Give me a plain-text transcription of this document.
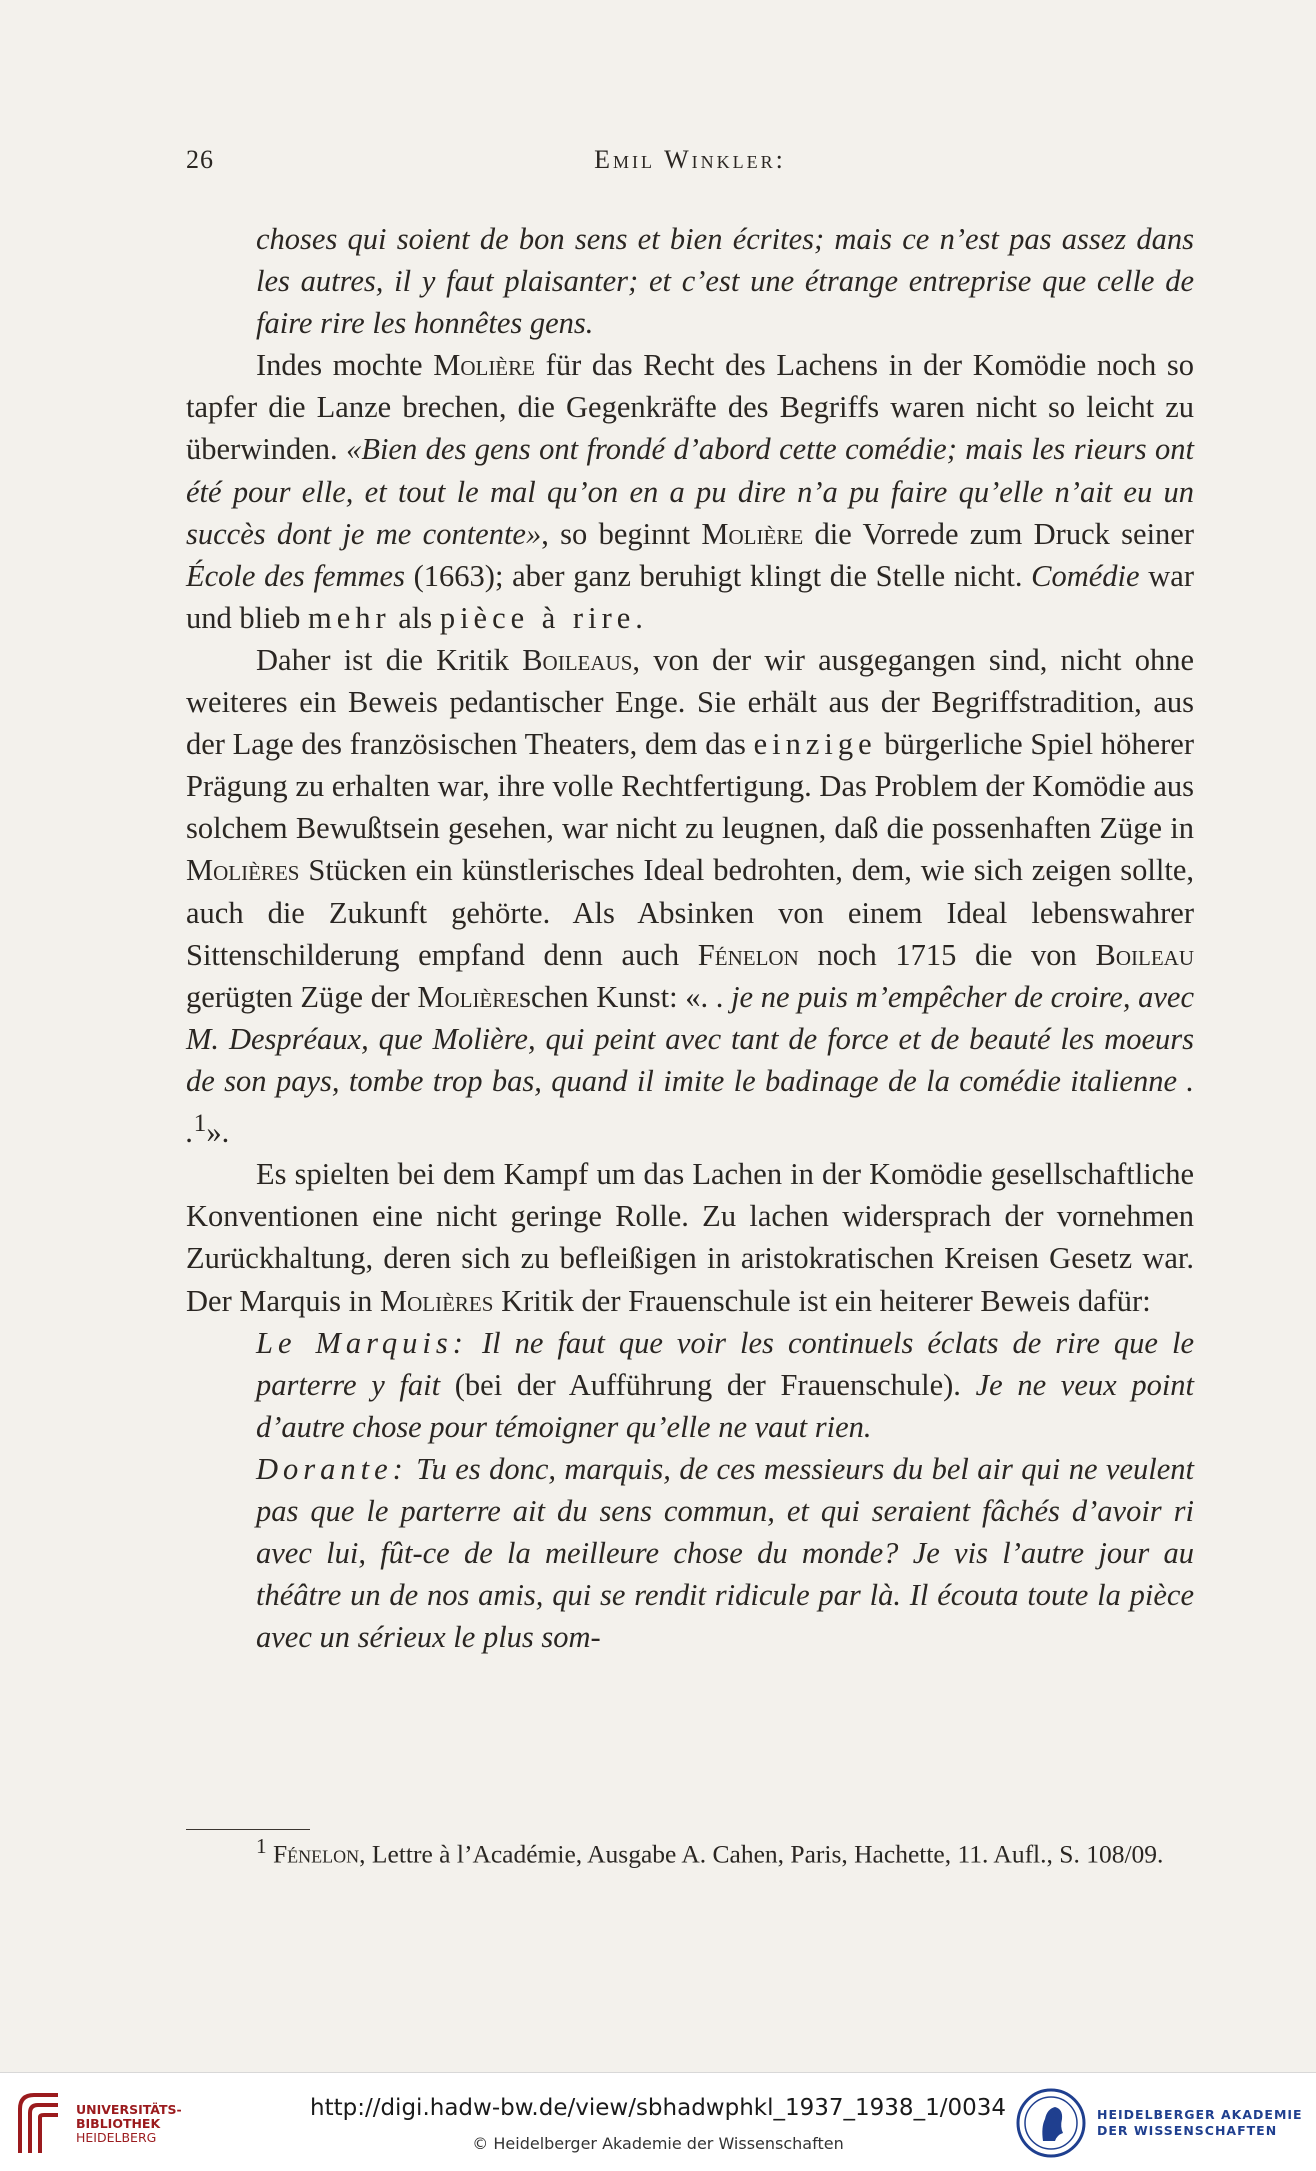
26	Emil Winkler:

choses qui soient de bon sens et bien écrites; mais ce n’est pas assez dans les autres, il y faut plaisanter; et c’est une étrange entreprise que celle de faire rire les honnêtes gens.

Indes mochte Molière für das Recht des Lachens in der Komödie noch so tapfer die Lanze brechen, die Gegenkräfte des Begriffs waren nicht so leicht zu überwinden. «Bien des gens ont frondé d’abord cette comédie; mais les rieurs ont été pour elle, et tout le mal qu’on en a pu dire n’a pu faire qu’elle n’ait eu un succès dont je me contente», so beginnt Molière die Vorrede zum Druck seiner École des femmes (1663); aber ganz beruhigt klingt die Stelle nicht. Comédie war und blieb mehr als pièce à rire.

Daher ist die Kritik Boileaus, von der wir ausgegangen sind, nicht ohne weiteres ein Beweis pedantischer Enge. Sie erhält aus der Begriffstradition, aus der Lage des französischen Theaters, dem das einzige bürgerliche Spiel höherer Prägung zu erhalten war, ihre volle Rechtfertigung. Das Problem der Komödie aus solchem Bewußtsein gesehen, war nicht zu leugnen, daß die possenhaften Züge in Molières Stücken ein künstlerisches Ideal bedrohten, dem, wie sich zeigen sollte, auch die Zukunft gehörte. Als Absinken von einem Ideal lebenswahrer Sittenschilderung empfand denn auch Fénelon noch 1715 die von Boileau gerügten Züge der Molièreschen Kunst: «. . je ne puis m’empêcher de croire, avec M. Despréaux, que Molière, qui peint avec tant de force et de beauté les moeurs de son pays, tombe trop bas, quand il imite le badinage de la comédie italienne . .$^1$».

Es spielten bei dem Kampf um das Lachen in der Komödie gesellschaftliche Konventionen eine nicht geringe Rolle. Zu lachen widersprach der vornehmen Zurückhaltung, deren sich zu befleißigen in aristokratischen Kreisen Gesetz war. Der Marquis in Molières Kritik der Frauenschule ist ein heiterer Beweis dafür:

Le Marquis: Il ne faut que voir les continuels éclats de rire que le parterre y fait (bei der Aufführung der Frauenschule). Je ne veux point d’autre chose pour témoigner qu’elle ne vaut rien.

Dorante: Tu es donc, marquis, de ces messieurs du bel air qui ne veulent pas que le parterre ait du sens commun, et qui seraient fâchés d’avoir ri avec lui, fût-ce de la meilleure chose du monde? Je vis l’autre jour au théâtre un de nos amis, qui se rendit ridicule par là. Il écouta toute la pièce avec un sérieux le plus som-

$^1$ Fénelon, Lettre à l’Académie, Ausgabe A. Cahen, Paris, Hachette, 11. Aufl., S. 108/09.
UNIVERSITÄTS-
BIBLIOTHEK
HEIDELBERG
http://digi.hadw-bw.de/view/sbhadwphkl_1937_1938_1/0034
© Heidelberger Akademie der Wissenschaften
HEIDELBERGER AKADEMIE
DER WISSENSCHAFTEN
